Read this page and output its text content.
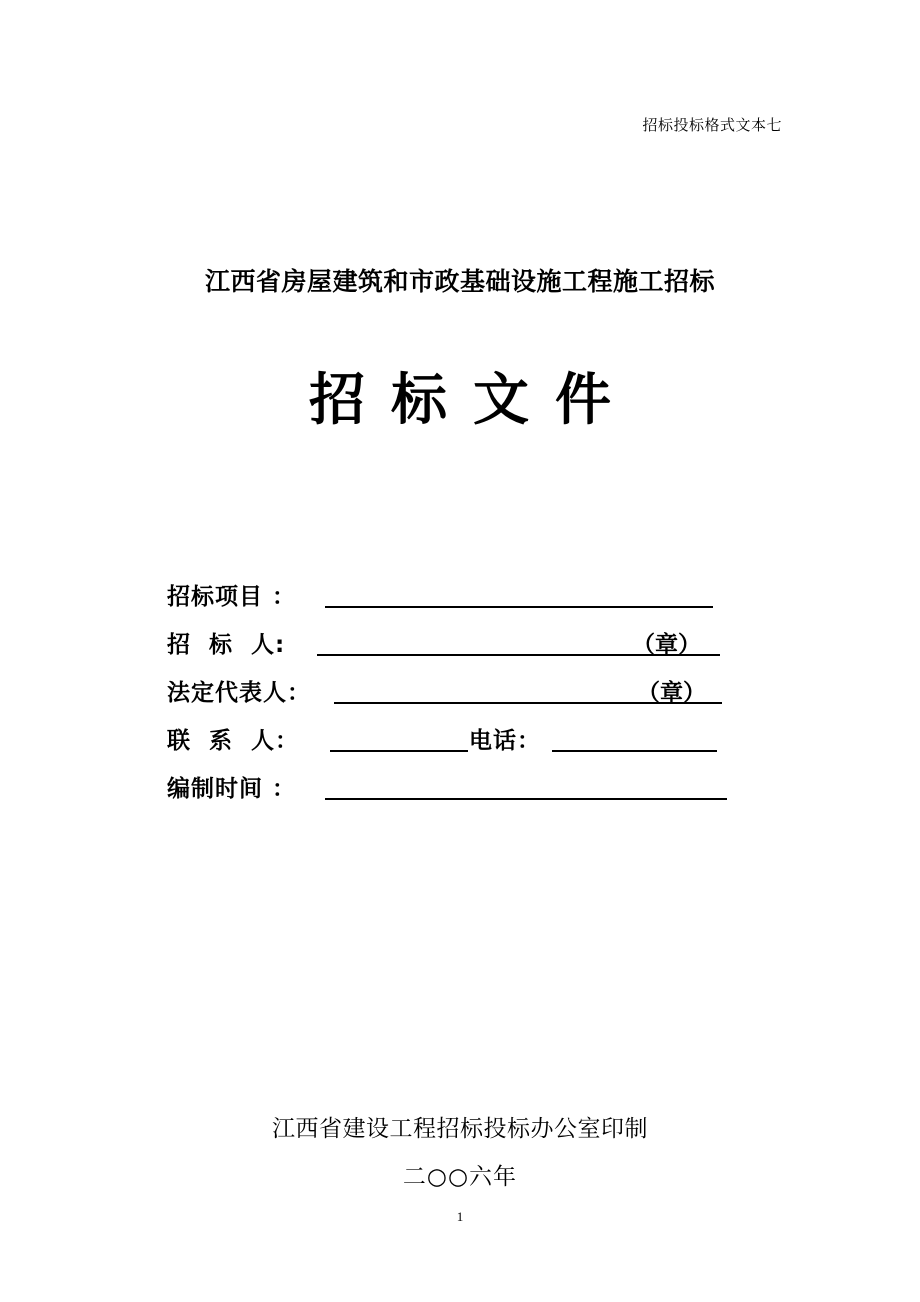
招标投标格式文本七
江西省房屋建筑和市政基础设施工程施工招标
招标文件
招标项目 ：
招  标  人:	（章）
法定代表人：	（章）
联  系  人：	电话：
编制时间 ：
江西省建设工程招标投标办公室印制
二○○六年
1
